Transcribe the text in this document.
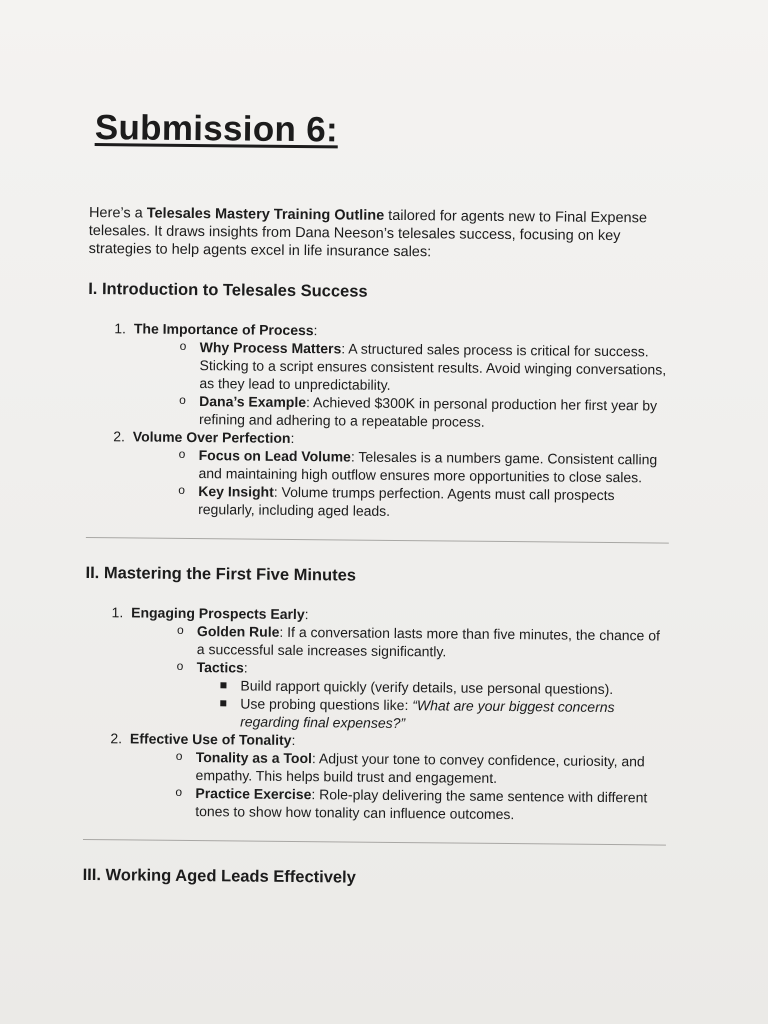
Submission 6:

Here’s a Telesales Mastery Training Outline tailored for agents new to Final Expense telesales. It draws insights from Dana Neeson’s telesales success, focusing on key strategies to help agents excel in life insurance sales:

I. Introduction to Telesales Success
1. The Importance of Process:
o Why Process Matters: A structured sales process is critical for success. Sticking to a script ensures consistent results. Avoid winging conversations, as they lead to unpredictability.
o Dana’s Example: Achieved $300K in personal production her first year by refining and adhering to a repeatable process.
2. Volume Over Perfection:
o Focus on Lead Volume: Telesales is a numbers game. Consistent calling and maintaining high outflow ensures more opportunities to close sales.
o Key Insight: Volume trumps perfection. Agents must call prospects regularly, including aged leads.
II. Mastering the First Five Minutes
1. Engaging Prospects Early:
o Golden Rule: If a conversation lasts more than five minutes, the chance of a successful sale increases significantly.
o Tactics:
Build rapport quickly (verify details, use personal questions).
Use probing questions like: “What are your biggest concerns regarding final expenses?”
2. Effective Use of Tonality:
o Tonality as a Tool: Adjust your tone to convey confidence, curiosity, and empathy. This helps build trust and engagement.
o Practice Exercise: Role-play delivering the same sentence with different tones to show how tonality can influence outcomes.
III. Working Aged Leads Effectively
